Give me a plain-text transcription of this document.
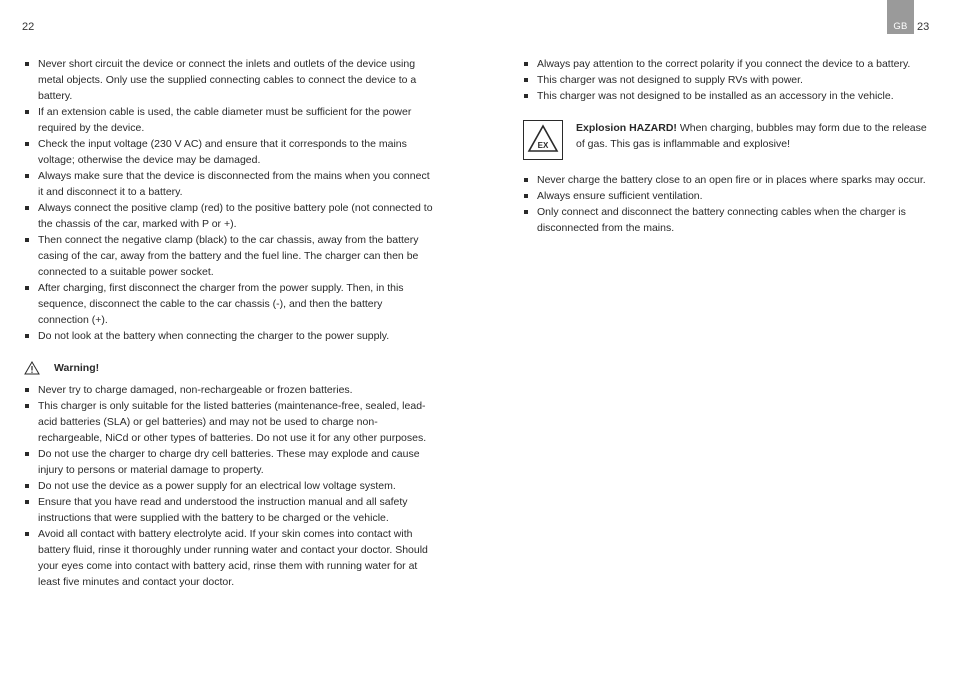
22	GB 23
Never short circuit the device or connect the inlets and outlets of the device using metal objects. Only use the supplied connecting cables to connect the device to a battery.
If an extension cable is used, the cable diameter must be sufficient for the power required by the device.
Check the input voltage (230 V AC) and ensure that it corresponds to the mains voltage; otherwise the device may be damaged.
Always make sure that the device is disconnected from the mains when you connect it and disconnect it to a battery.
Always connect the positive clamp (red) to the positive battery pole (not connected to the chassis of the car, marked with P or +).
Then connect the negative clamp (black) to the car chassis, away from the battery casing of the car, away from the battery and the fuel line. The charger can then be connected to a suitable power socket.
After charging, first disconnect the charger from the power supply. Then, in this sequence, disconnect the cable to the car chassis (-), and then the battery connection (+).
Do not look at the battery when connecting the charger to the power supply.
Warning!
Never try to charge damaged, non-rechargeable or frozen batteries.
This charger is only suitable for the listed batteries (maintenance-free, sealed, lead-acid batteries (SLA) or gel batteries) and may not be used to charge non-rechargeable, NiCd or other types of batteries. Do not use it for any other purposes.
Do not use the charger to charge dry cell batteries. These may explode and cause injury to persons or material damage to property.
Do not use the device as a power supply for an electrical low voltage system.
Ensure that you have read and understood the instruction manual and all safety instructions that were supplied with the battery to be charged or the vehicle.
Avoid all contact with battery electrolyte acid. If your skin comes into contact with battery fluid, rinse it thoroughly under running water and contact your doctor. Should your eyes come into contact with battery acid, rinse them with running water for at least five minutes and contact your doctor.
Always pay attention to the correct polarity if you connect the device to a battery.
This charger was not designed to supply RVs with power.
This charger was not designed to be installed as an accessory in the vehicle.
EX
Explosion HAZARD! When charging, bubbles may form due to the release of gas. This gas is inflammable and explosive!
Never charge the battery close to an open fire or in places where sparks may occur.
Always ensure sufficient ventilation.
Only connect and disconnect the battery connecting cables when the charger is disconnected from the mains.
